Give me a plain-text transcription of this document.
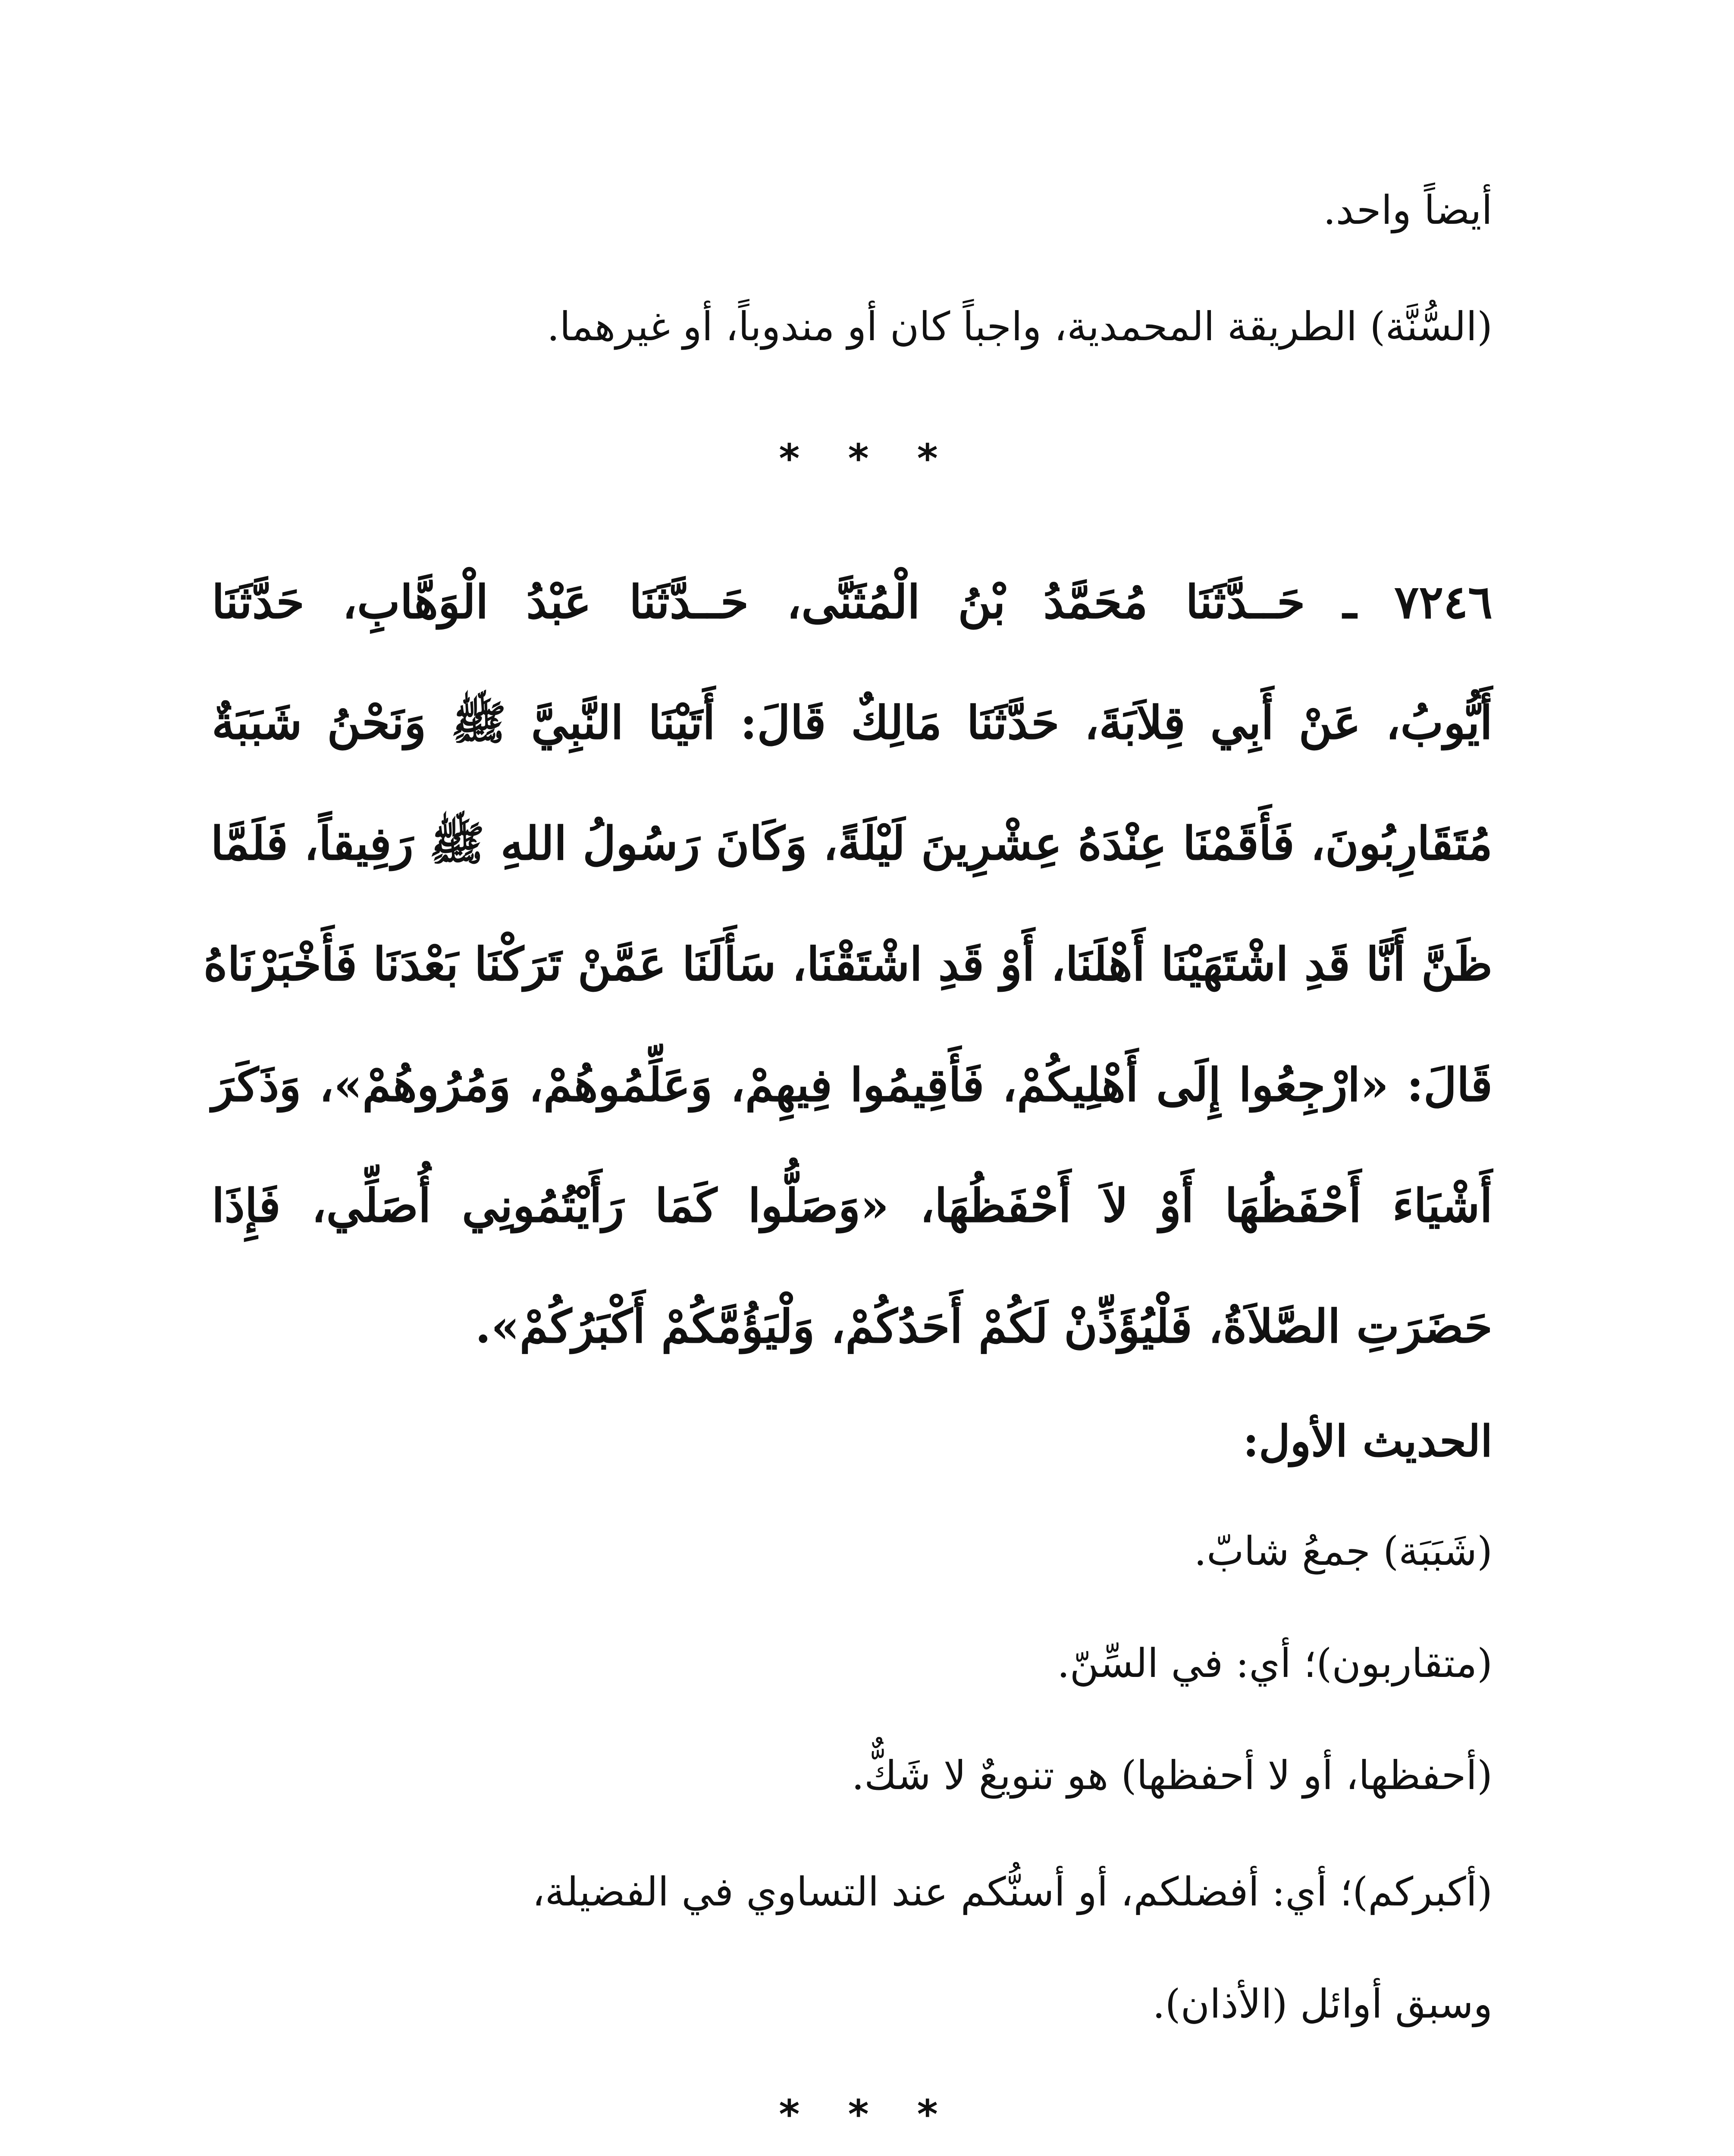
أيضاً واحد.
(السُّنَّة) الطريقة المحمدية، واجباً كان أو مندوباً، أو غيرهما.
* * *
٧٢٤٦ ـ حَــدَّثَنَا مُحَمَّدُ بْنُ الْمُثَنَّى، حَــدَّثَنَا عَبْدُ الْوَهَّابِ، حَدَّثَنَا
أَيُّوبُ، عَنْ أَبِي قِلاَبَةَ، حَدَّثَنَا مَالِكٌ قَالَ: أَتَيْنَا النَّبِيَّ ﷺ وَنَحْنُ شَبَبَةٌ
مُتَقَارِبُونَ، فَأَقَمْنَا عِنْدَهُ عِشْرِينَ لَيْلَةً، وَكَانَ رَسُولُ اللهِ ﷺ رَفِيقاً، فَلَمَّا
ظَنَّ أَنَّا قَدِ اشْتَهَيْنَا أَهْلَنَا، أَوْ قَدِ اشْتَقْنَا، سَأَلَنَا عَمَّنْ تَرَكْنَا بَعْدَنَا فَأَخْبَرْنَاهُ
قَالَ: «ارْجِعُوا إِلَى أَهْلِيكُمْ، فَأَقِيمُوا فِيهِمْ، وَعَلِّمُوهُمْ، وَمُرُوهُمْ»، وَذَكَرَ
أَشْيَاءَ أَحْفَظُهَا أَوْ لاَ أَحْفَظُهَا، «وَصَلُّوا كَمَا رَأَيْتُمُونِي أُصَلِّي، فَإِذَا
حَضَرَتِ الصَّلاَةُ، فَلْيُؤَذِّنْ لَكُمْ أَحَدُكُمْ، وَلْيَؤُمَّكُمْ أَكْبَرُكُمْ».
الحديث الأول:
(شَبَبَة) جمعُ شابّ.
(متقاربون)؛ أي: في السِّنّ.
(أحفظها، أو لا أحفظها) هو تنويعٌ لا شَكٌّ.
(أكبركم)؛ أي: أفضلكم، أو أسنُّكم عند التساوي في الفضيلة،
وسبق أوائل (الأذان).
* * *
